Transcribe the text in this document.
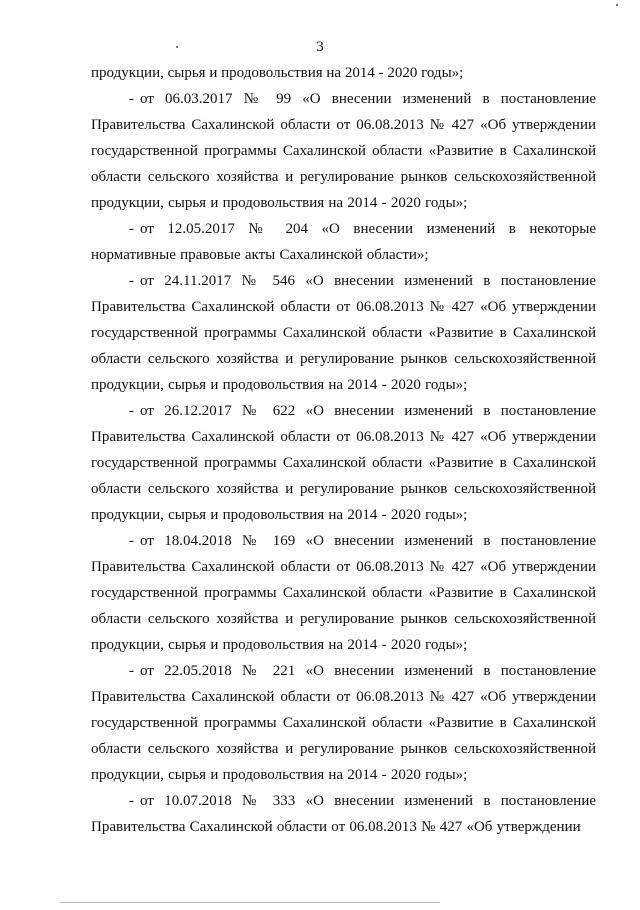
3

продукции, сырья и продовольствия на 2014 - 2020 годы»;

- от 06.03.2017 № 99 «О внесении изменений в постановление Правительства Сахалинской области от 06.08.2013 № 427 «Об утверждении государственной программы Сахалинской области «Развитие в Сахалинской области сельского хозяйства и регулирование рынков сельскохозяйственной продукции, сырья и продовольствия на 2014 - 2020 годы»;

- от 12.05.2017 № 204 «О внесении изменений в некоторые нормативные правовые акты Сахалинской области»;

- от 24.11.2017 № 546 «О внесении изменений в постановление Правительства Сахалинской области от 06.08.2013 № 427 «Об утверждении государственной программы Сахалинской области «Развитие в Сахалинской области сельского хозяйства и регулирование рынков сельскохозяйственной продукции, сырья и продовольствия на 2014 - 2020 годы»;

- от 26.12.2017 № 622 «О внесении изменений в постановление Правительства Сахалинской области от 06.08.2013 № 427 «Об утверждении государственной программы Сахалинской области «Развитие в Сахалинской области сельского хозяйства и регулирование рынков сельскохозяйственной продукции, сырья и продовольствия на 2014 - 2020 годы»;

- от 18.04.2018 № 169 «О внесении изменений в постановление Правительства Сахалинской области от 06.08.2013 № 427 «Об утверждении государственной программы Сахалинской области «Развитие в Сахалинской области сельского хозяйства и регулирование рынков сельскохозяйственной продукции, сырья и продовольствия на 2014 - 2020 годы»;

- от 22.05.2018 № 221 «О внесении изменений в постановление Правительства Сахалинской области от 06.08.2013 № 427 «Об утверждении государственной программы Сахалинской области «Развитие в Сахалинской области сельского хозяйства и регулирование рынков сельскохозяйственной продукции, сырья и продовольствия на 2014 - 2020 годы»;

- от 10.07.2018 № 333 «О внесении изменений в постановление Правительства Сахалинской области от 06.08.2013 № 427 «Об утверждении
